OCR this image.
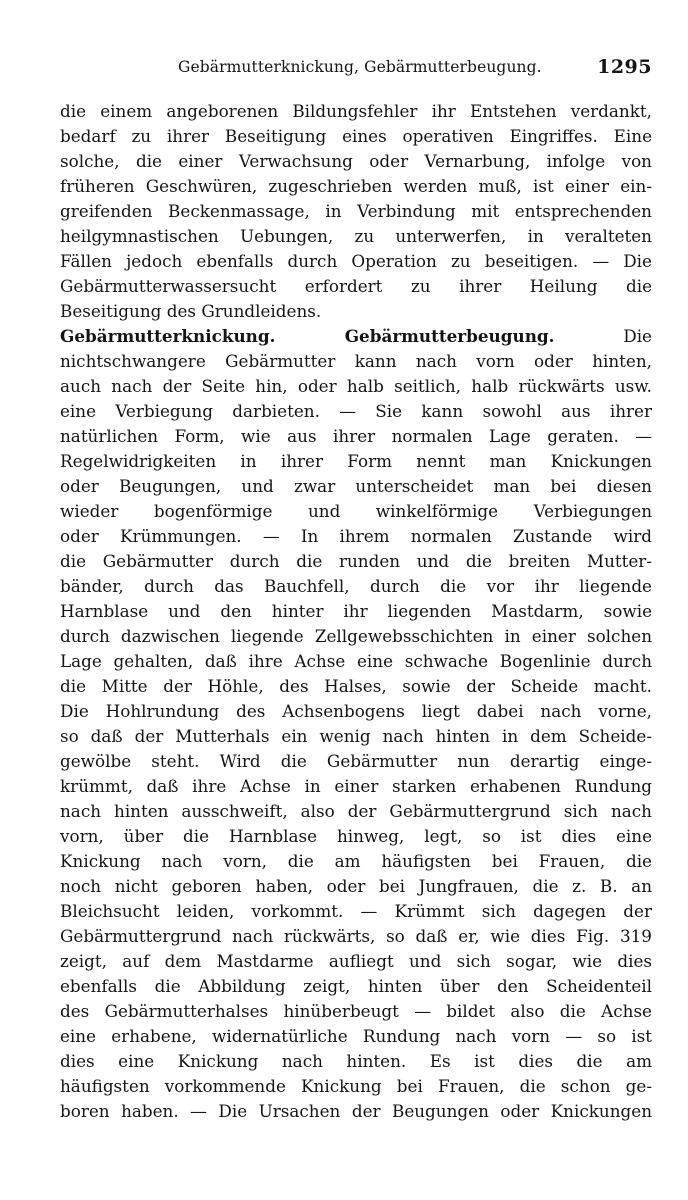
Gebärmutterknickung, Gebärmutterbeugung.	1295
die einem angeborenen Bildungsfehler ihr Entstehen verdankt,
bedarf zu ihrer Beseitigung eines operativen Eingriffes. Eine
solche, die einer Verwachsung oder Vernarbung, infolge von
früheren Geschwüren, zugeschrieben werden muß, ist einer ein-
greifenden Beckenmassage, in Verbindung mit entsprechenden
heilgymnastischen Uebungen, zu unterwerfen, in veralteten
Fällen jedoch ebenfalls durch Operation zu beseitigen. — Die
Gebärmutterwassersucht erfordert zu ihrer Heilung die
Beseitigung des Grundleidens.
Gebärmutterknickung. Gebärmutterbeugung.	Die
nichtschwangere Gebärmutter kann nach vorn oder hinten,
auch nach der Seite hin, oder halb seitlich, halb rückwärts usw.
eine Verbiegung darbieten. — Sie kann sowohl aus ihrer
natürlichen Form, wie aus ihrer normalen Lage geraten. —
Regelwidrigkeiten in ihrer Form nennt man Knickungen
oder Beugungen, und zwar unterscheidet man bei diesen
wieder bogenförmige und winkelförmige Verbiegungen
oder Krümmungen. — In ihrem normalen Zustande wird
die Gebärmutter durch die runden und die breiten Mutter-
bänder, durch das Bauchfell, durch die vor ihr liegende
Harnblase und den hinter ihr liegenden Mastdarm, sowie
durch dazwischen liegende Zellgewebsschichten in einer solchen
Lage gehalten, daß ihre Achse eine schwache Bogenlinie durch
die Mitte der Höhle, des Halses, sowie der Scheide macht.
Die Hohlrundung des Achsenbogens liegt dabei nach vorne,
so daß der Mutterhals ein wenig nach hinten in dem Scheide-
gewölbe steht. Wird die Gebärmutter nun derartig einge-
krümmt, daß ihre Achse in einer starken erhabenen Rundung
nach hinten ausschweift, also der Gebärmuttergrund sich nach
vorn, über die Harnblase hinweg, legt, so ist dies eine
Knickung nach vorn, die am häufigsten bei Frauen, die
noch nicht geboren haben, oder bei Jungfrauen, die z. B. an
Bleichsucht leiden, vorkommt. — Krümmt sich dagegen der
Gebärmuttergrund nach rückwärts, so daß er, wie dies Fig. 319
zeigt, auf dem Mastdarme aufliegt und sich sogar, wie dies
ebenfalls die Abbildung zeigt, hinten über den Scheidenteil
des Gebärmutterhalses hinüberbeugt — bildet also die Achse
eine erhabene, widernatürliche Rundung nach vorn — so ist
dies eine Knickung nach hinten. Es ist dies die am
häufigsten vorkommende Knickung bei Frauen, die schon ge-
boren haben. — Die Ursachen der Beugungen oder Knickungen
